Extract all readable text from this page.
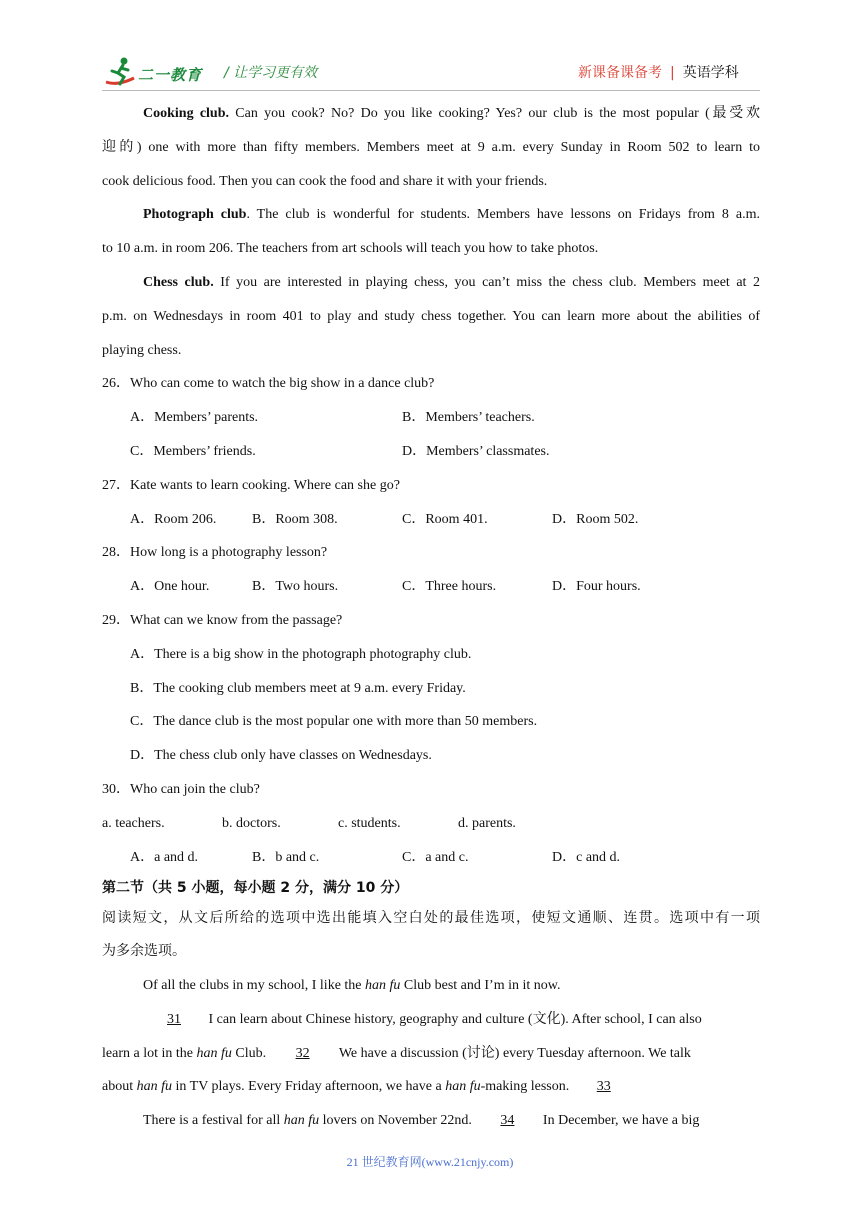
二一教育 / 让学习更有效	新课备课备考 | 英语学科
Cooking club. Can you cook? No? Do you like cooking? Yes? our club is the most popular (最受欢
迎的) one with more than fifty members. Members meet at 9 a.m. every Sunday in Room 502 to learn to
cook delicious food. Then you can cook the food and share it with your friends.
Photograph club. The club is wonderful for students. Members have lessons on Fridays from 8 a.m.
to 10 a.m. in room 206. The teachers from art schools will teach you how to take photos.
Chess club. If you are interested in playing chess, you can’t miss the chess club. Members meet at 2
p.m. on Wednesdays in room 401 to play and study chess together. You can learn more about the abilities of
playing chess.
26．Who can come to watch the big show in a dance club?
A．Members’ parents.	B．Members’ teachers.
C．Members’ friends.	D．Members’ classmates.
27．Kate wants to learn cooking. Where can she go?
A．Room 206.	B．Room 308.	C．Room 401.	D．Room 502.
28．How long is a photography lesson?
A．One hour.	B．Two hours.	C．Three hours.	D．Four hours.
29．What can we know from the passage?
A．There is a big show in the photograph photography club.
B．The cooking club members meet at 9 a.m. every Friday.
C．The dance club is the most popular one with more than 50 members.
D．The chess club only have classes on Wednesdays.
30．Who can join the club?
a. teachers.	b. doctors.	c. students.	d. parents.
A．a and d.	B．b and c.	C．a and c.	D．c and d.
第二节（共 5 小题，每小题 2 分，满分 10 分）
阅读短文，从文后所给的选项中选出能填入空白处的最佳选项，使短文通顺、连贯。选项中有一项
为多余选项。
Of all the clubs in my school, I like the han fu Club best and I’m in it now.
31 I can learn about Chinese history, geography and culture (文化). After school, I can also
learn a lot in the han fu Club. 32 We have a discussion (讨论) every Tuesday afternoon. We talk
about han fu in TV plays. Every Friday afternoon, we have a han fu-making lesson. 33
There is a festival for all han fu lovers on November 22nd. 34 In December, we have a big
21 世纪教育网(www.21cnjy.com)
